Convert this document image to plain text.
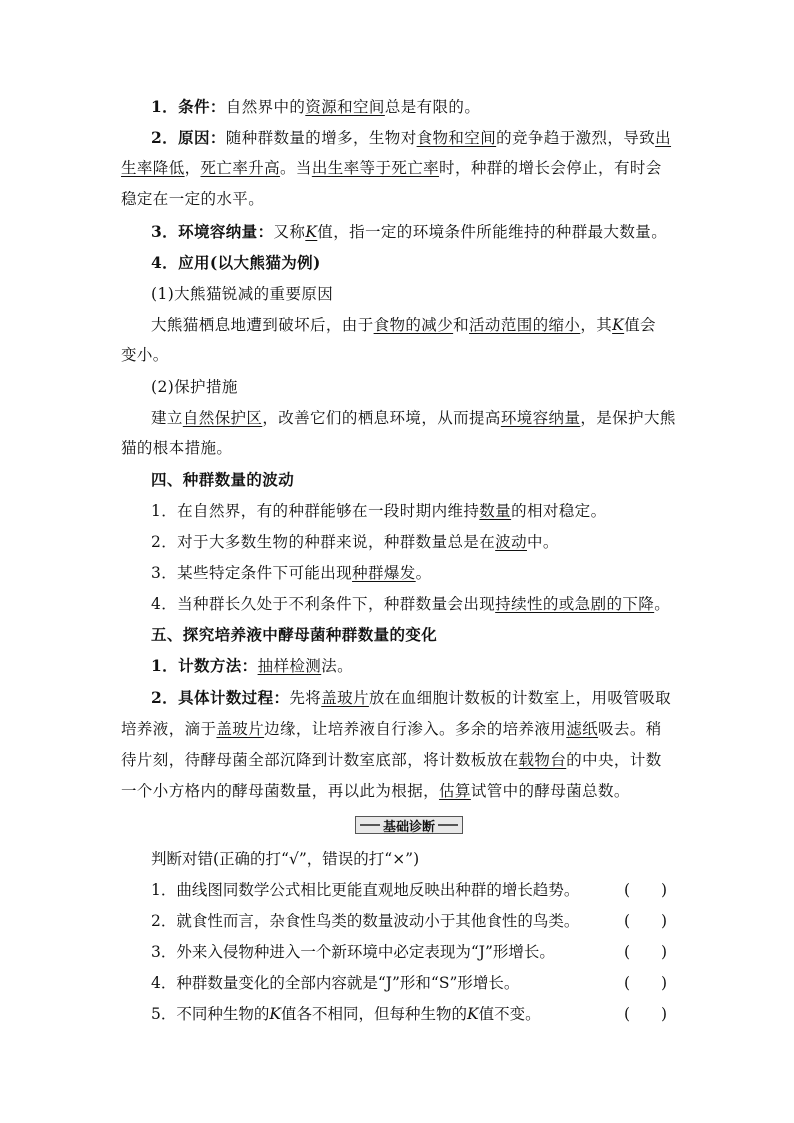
1．条件：自然界中的资源和空间总是有限的。
2．原因：随种群数量的增多，生物对食物和空间的竞争趋于激烈，导致出
生率降低，死亡率升高。当出生率等于死亡率时，种群的增长会停止，有时会
稳定在一定的水平。
3．环境容纳量：又称K值，指一定的环境条件所能维持的种群最大数量。
4．应用(以大熊猫为例)
(1)大熊猫锐减的重要原因
大熊猫栖息地遭到破坏后，由于食物的减少和活动范围的缩小，其K值会
变小。
(2)保护措施
建立自然保护区，改善它们的栖息环境，从而提高环境容纳量，是保护大熊
猫的根本措施。
四、种群数量的波动
1．在自然界，有的种群能够在一段时期内维持数量的相对稳定。
2．对于大多数生物的种群来说，种群数量总是在波动中。
3．某些特定条件下可能出现种群爆发。
4．当种群长久处于不利条件下，种群数量会出现持续性的或急剧的下降。
五、探究培养液中酵母菌种群数量的变化
1．计数方法：抽样检测法。
2．具体计数过程：先将盖玻片放在血细胞计数板的计数室上，用吸管吸取
培养液，滴于盖玻片边缘，让培养液自行渗入。多余的培养液用滤纸吸去。稍
待片刻，待酵母菌全部沉降到计数室底部，将计数板放在载物台的中央，计数
一个小方格内的酵母菌数量，再以此为根据，估算试管中的酵母菌总数。
基础诊断
判断对错(正确的打“√”，错误的打“×”)
1．曲线图同数学公式相比更能直观地反映出种群的增长趋势。	(　　)
2．就食性而言，杂食性鸟类的数量波动小于其他食性的鸟类。	(　　)
3．外来入侵物种进入一个新环境中必定表现为“J”形增长。	(　　)
4．种群数量变化的全部内容就是“J”形和“S”形增长。	(　　)
5．不同种生物的K值各不相同，但每种生物的K值不变。	(　　)
